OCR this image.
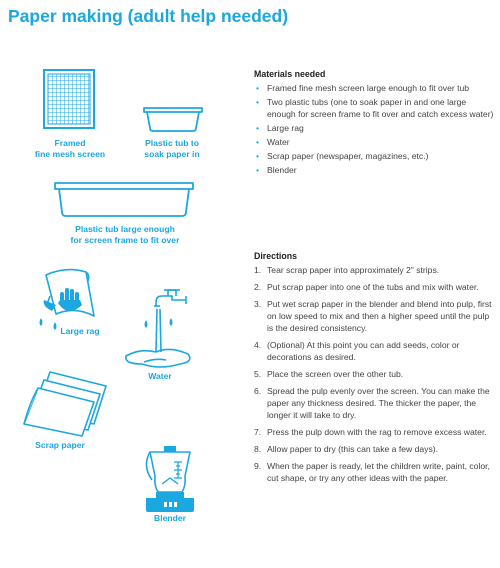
Paper making (adult help needed)
Framed
fine mesh screen
Plastic tub to
soak paper in
Plastic tub large enough
for screen frame to fit over
Large rag
Water
Scrap paper
Blender
Materials needed
• Framed fine mesh screen large enough to fit over tub
• Two plastic tubs (one to soak paper in and one large enough for screen frame to fit over and catch excess water)
• Large rag
• Water
• Scrap paper (newspaper, magazines, etc.)
• Blender
Directions
1. Tear scrap paper into approximately 2" strips.
2. Put scrap paper into one of the tubs and mix with water.
3. Put wet scrap paper in the blender and blend into pulp, first on low speed to mix and then a higher speed until the pulp is the desired consistency.
4. (Optional) At this point you can add seeds, color or decorations as desired.
5. Place the screen over the other tub.
6. Spread the pulp evenly over the screen. You can make the paper any thickness desired. The thicker the paper, the longer it will take to dry.
7. Press the pulp down with the rag to remove excess water.
8. Allow paper to dry (this can take a few days).
9. When the paper is ready, let the children write, paint, color, cut shape, or try any other ideas with the paper.
